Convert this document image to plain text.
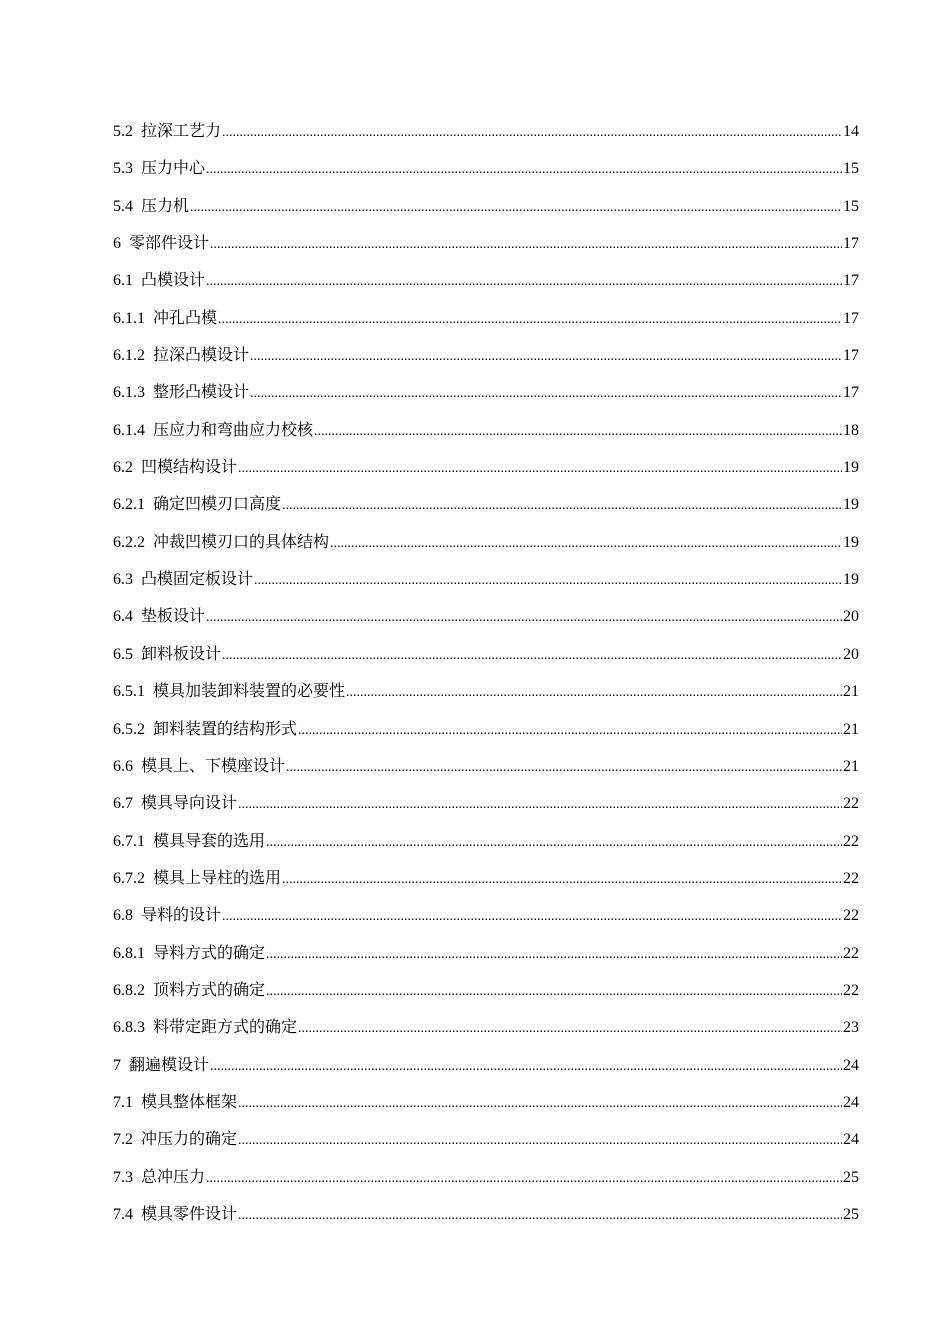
5.2 拉深工艺力 .....	14
5.3 压力中心 .....	15
5.4 压力机 .....	15
6 零部件设计 .....	17
6.1 凸模设计 .....	17
6.1.1 冲孔凸模 .....	17
6.1.2 拉深凸模设计 .....	17
6.1.3 整形凸模设计 .....	17
6.1.4 压应力和弯曲应力校核 .....	18
6.2 凹模结构设计 .....	19
6.2.1 确定凹模刃口高度 .....	19
6.2.2 冲裁凹模刃口的具体结构 .....	19
6.3 凸模固定板设计 .....	19
6.4 垫板设计 .....	20
6.5 卸料板设计 .....	20
6.5.1 模具加装卸料装置的必要性 .....	21
6.5.2 卸料装置的结构形式 .....	21
6.6 模具上、下模座设计 .....	21
6.7 模具导向设计 .....	22
6.7.1 模具导套的选用 .....	22
6.7.2 模具上导柱的选用 .....	22
6.8 导料的设计 .....	22
6.8.1 导料方式的确定 .....	22
6.8.2 顶料方式的确定 .....	22
6.8.3 料带定距方式的确定 .....	23
7 翻遍模设计 .....	24
7.1 模具整体框架 .....	24
7.2 冲压力的确定 .....	24
7.3 总冲压力 .....	25
7.4 模具零件设计 .....	25
